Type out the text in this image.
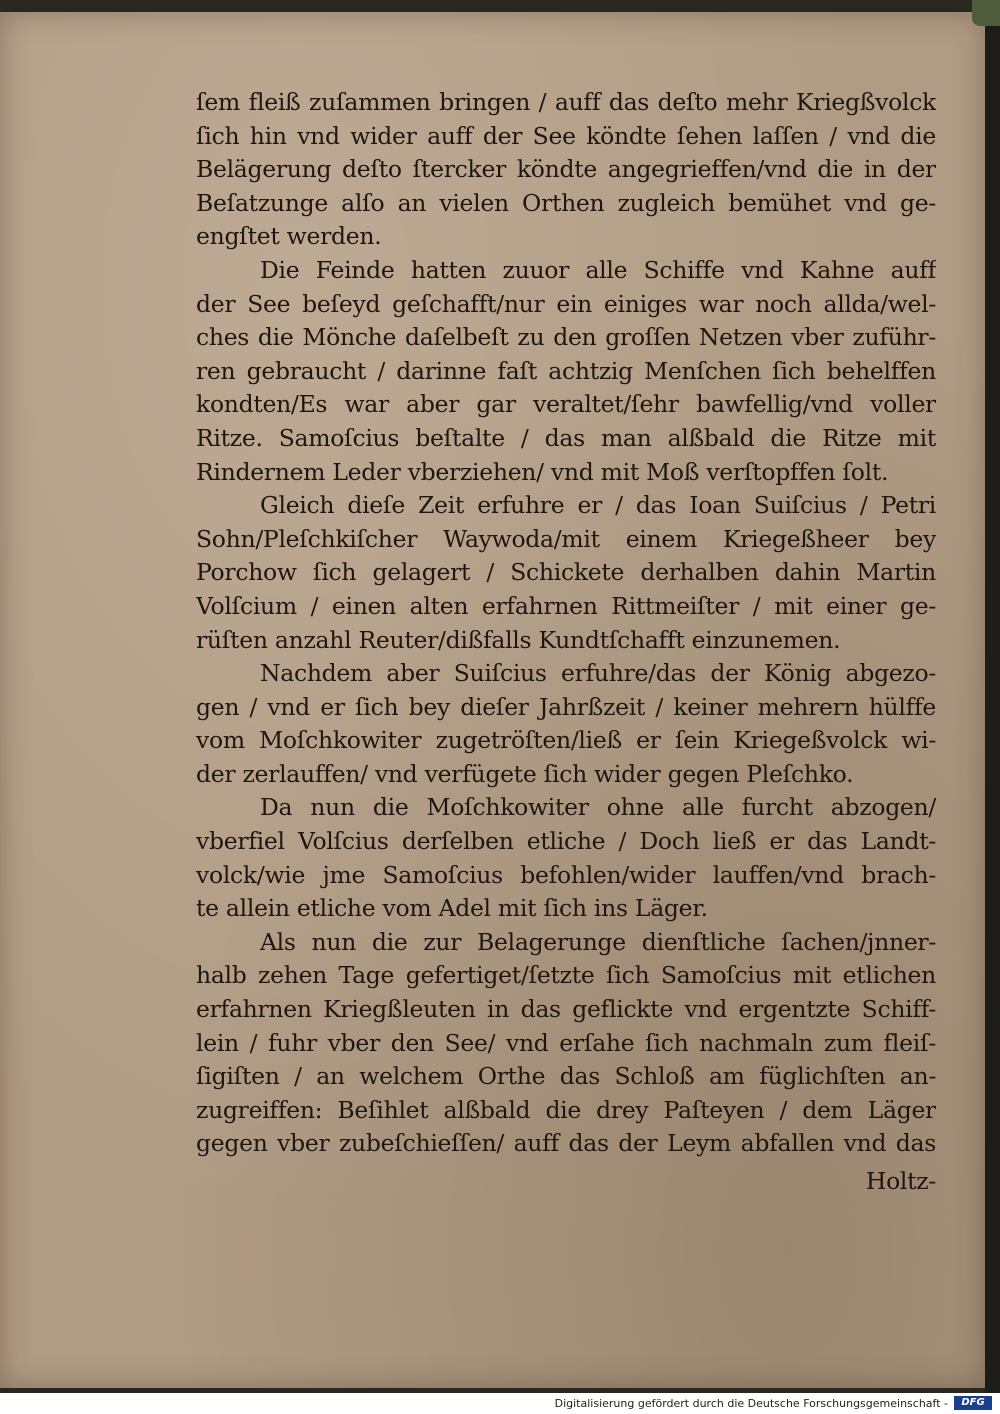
ſem fleiß zuſammen bringen / auff das deſto mehr Kriegßvolck
ſich hin vnd wider auff der See köndte ſehen laſſen / vnd die
Belägerung deſto ſtercker köndte angegrieffen/vnd die in der
Beſatzunge alſo an vielen Orthen zugleich bemühet vnd ge-
engſtet werden.
Die Feinde hatten zuuor alle Schiffe vnd Kahne auff
der See beſeyd geſchafft/nur ein einiges war noch allda/wel-
ches die Mönche daſelbeſt zu den groſſen Netzen vber zuführ-
ren gebraucht / darinne faſt achtzig Menſchen ſich behelffen
kondten/Es war aber gar veraltet/ſehr bawfellig/vnd voller
Ritze. Samoſcius beſtalte / das man alßbald die Ritze mit
Rindernem Leder vberziehen/ vnd mit Moß verſtopffen ſolt.
Gleich dieſe Zeit erfuhre er / das Ioan Suiſcius / Petri
Sohn/Pleſchkiſcher Waywoda/mit einem Kriegeßheer bey
Porchow ſich gelagert / Schickete derhalben dahin Martin
Volſcium / einen alten erfahrnen Rittmeiſter / mit einer ge-
rüſten anzahl Reuter/dißfalls Kundtſchafft einzunemen.
Nachdem aber Suiſcius erfuhre/das der König abgezo-
gen / vnd er ſich bey dieſer Jahrßzeit / keiner mehrern hülffe
vom Moſchkowiter zugetröſten/ließ er ſein Kriegeßvolck wi-
der zerlauffen/ vnd verfügete ſich wider gegen Pleſchko.
Da nun die Moſchkowiter ohne alle furcht abzogen/
vberfiel Volſcius derſelben etliche / Doch ließ er das Landt-
volck/wie jme Samoſcius befohlen/wider lauffen/vnd brach-
te allein etliche vom Adel mit ſich ins Läger.
Als nun die zur Belagerunge dienſtliche ſachen/jnner-
halb zehen Tage gefertiget/ſetzte ſich Samoſcius mit etlichen
erfahrnen Kriegßleuten in das geflickte vnd ergentzte Schiff-
lein / fuhr vber den See/ vnd erſahe ſich nachmaln zum fleiſ-
ſigiſten / an welchem Orthe das Schloß am füglichſten an-
zugreiffen: Beſihlet alßbald die drey Paſteyen / dem Läger
gegen vber zubeſchieſſen/ auff das der Leym abfallen vnd das
Holtz-
Digitalisierung gefördert durch die Deutsche Forschungsgemeinschaft -	DFG
